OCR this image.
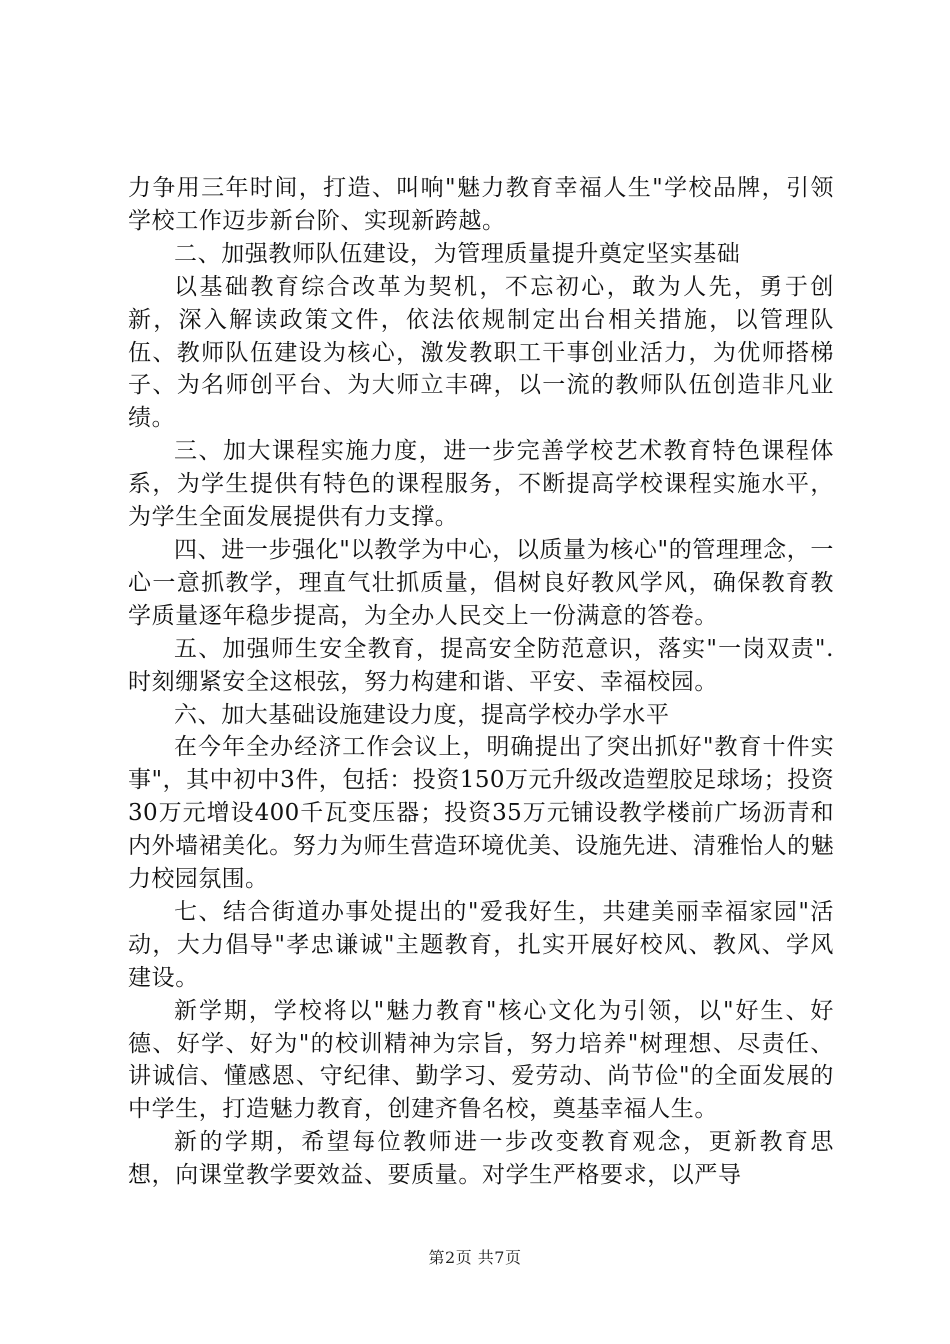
力争用三年时间，打造、叫响"魅力教育幸福人生"学校品牌，引领学校工作迈步新台阶、实现新跨越。

二、加强教师队伍建设，为管理质量提升奠定坚实基础

以基础教育综合改革为契机，不忘初心，敢为人先，勇于创新，深入解读政策文件，依法依规制定出台相关措施，以管理队伍、教师队伍建设为核心，激发教职工干事创业活力，为优师搭梯子、为名师创平台、为大师立丰碑，以一流的教师队伍创造非凡业绩。

三、加大课程实施力度，进一步完善学校艺术教育特色课程体系，为学生提供有特色的课程服务，不断提高学校课程实施水平，为学生全面发展提供有力支撑。

四、进一步强化"以教学为中心，以质量为核心"的管理理念，一心一意抓教学，理直气壮抓质量，倡树良好教风学风，确保教育教学质量逐年稳步提高，为全办人民交上一份满意的答卷。

五、加强师生安全教育，提高安全防范意识，落实"一岗双责".时刻绷紧安全这根弦，努力构建和谐、平安、幸福校园。

六、加大基础设施建设力度，提高学校办学水平

在今年全办经济工作会议上，明确提出了突出抓好"教育十件实事"，其中初中3件，包括：投资150万元升级改造塑胶足球场；投资30万元增设400千瓦变压器；投资35万元铺设教学楼前广场沥青和内外墙裙美化。努力为师生营造环境优美、设施先进、清雅怡人的魅力校园氛围。

七、结合街道办事处提出的"爱我好生，共建美丽幸福家园"活动，大力倡导"孝忠谦诚"主题教育，扎实开展好校风、教风、学风建设。

新学期，学校将以"魅力教育"核心文化为引领，以"好生、好德、好学、好为"的校训精神为宗旨，努力培养"树理想、尽责任、讲诚信、懂感恩、守纪律、勤学习、爱劳动、尚节俭"的全面发展的中学生，打造魅力教育，创建齐鲁名校，奠基幸福人生。

新的学期，希望每位教师进一步改变教育观念，更新教育思想，向课堂教学要效益、要质量。对学生严格要求，以严导

第2页 共7页
